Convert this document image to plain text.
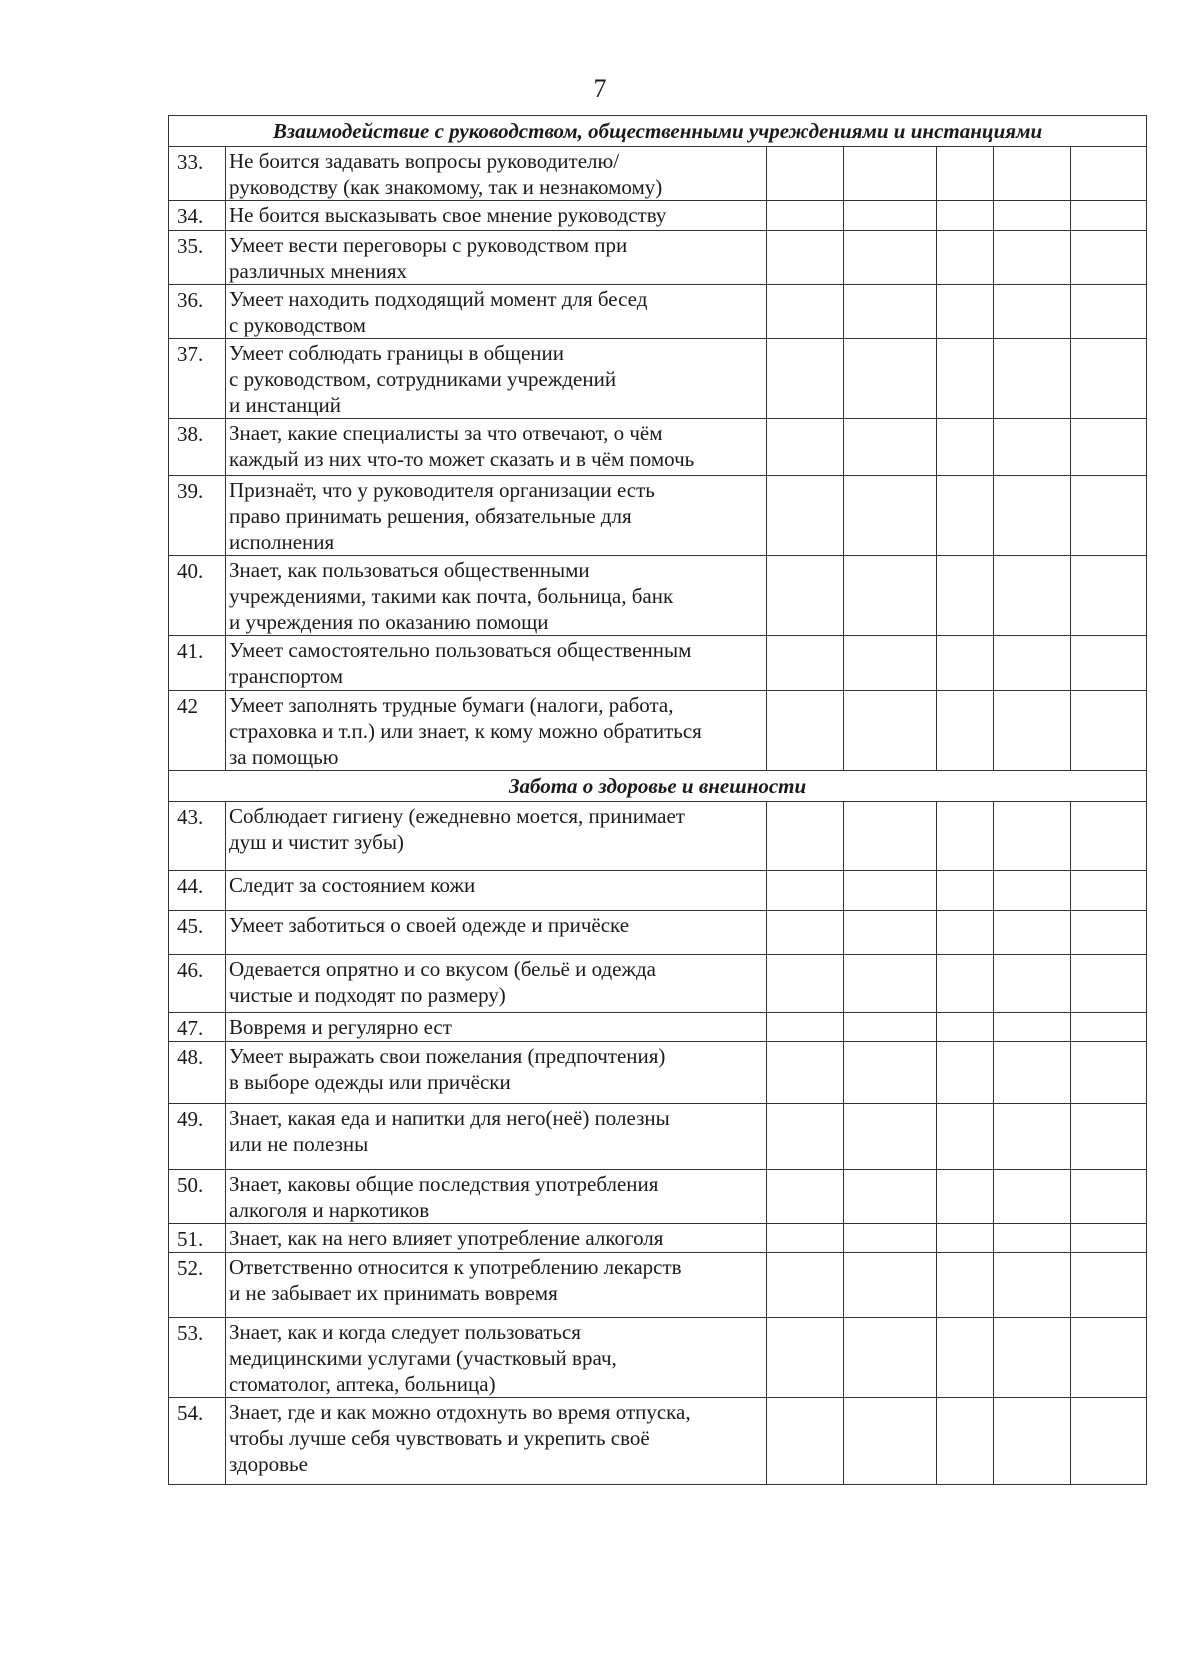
7
Взаимодействие с руководством, общественными учреждениями и инстанциями						
33.	Не боится задавать вопросы руководителю/
руководству (как знакомому, так и незнакомому)					

34.	Не боится высказывать свое мнение руководству					

35.	Умеет вести переговоры с руководством при
различных мнениях					

36.	Умеет находить подходящий момент для бесед
с руководством					

37.	Умеет соблюдать границы в общении
с руководством, сотрудниками учреждений
и инстанций					

38.	Знает, какие специалисты за что отвечают, о чём
каждый из них что-то может сказать и в чём помочь					

39.	Признаёт, что у руководителя организации есть
право принимать решения, обязательные для
исполнения					

40.	Знает, как пользоваться общественными
учреждениями, такими как почта, больница, банк
и учреждения по оказанию помощи					

41.	Умеет самостоятельно пользоваться общественным
транспортом					

42	Умеет заполнять трудные бумаги (налоги, работа,
страховка и т.п.) или знает, к кому можно обратиться
за помощью					

Забота о здоровье и внешности						
43.	Соблюдает гигиену (ежедневно моется, принимает
душ и чистит зубы)					

44.	Следит за состоянием кожи					

45.	Умеет заботиться о своей одежде и причёске					

46.	Одевается опрятно и со вкусом (бельё и одежда
чистые и подходят по размеру)					

47.	Вовремя и регулярно ест					

48.	Умеет выражать свои пожелания (предпочтения)
в выборе одежды или причёски					

49.	Знает, какая еда и напитки для него(неё) полезны
или не полезны					

50.	Знает, каковы общие последствия употребления
алкоголя и наркотиков					

51.	Знает, как на него влияет употребление алкоголя					

52.	Ответственно относится к употреблению лекарств
и не забывает их принимать вовремя					

53.	Знает, как и когда следует пользоваться
медицинскими услугами (участковый врач,
стоматолог, аптека, больница)					

54.	Знает, где и как можно отдохнуть во время отпуска,
чтобы лучше себя чувствовать и укрепить своё
здоровье					
